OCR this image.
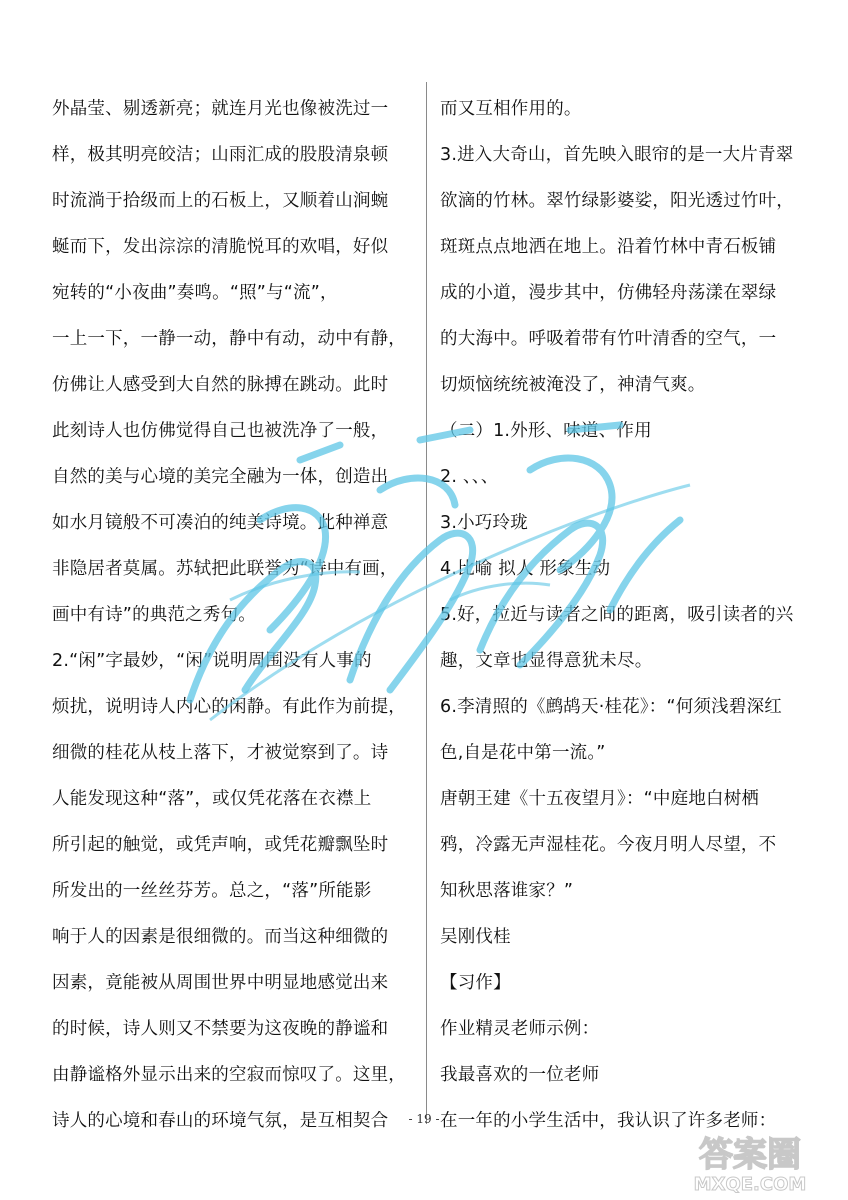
外晶莹、剔透新亮；就连月光也像被洗过一
样，极其明亮皎洁；山雨汇成的股股清泉顿
时流淌于拾级而上的石板上，又顺着山涧蜿
蜒而下，发出淙淙的清脆悦耳的欢唱，好似
宛转的“小夜曲”奏鸣。“照”与“流”，
一上一下，一静一动，静中有动，动中有静，
仿佛让人感受到大自然的脉搏在跳动。此时
此刻诗人也仿佛觉得自己也被洗净了一般，
自然的美与心境的美完全融为一体，创造出
如水月镜般不可凑泊的纯美诗境。此种禅意
非隐居者莫属。苏轼把此联誉为“诗中有画，
画中有诗”的典范之秀句。
2.“闲”字最妙，“闲”说明周围没有人事的
烦扰，说明诗人内心的闲静。有此作为前提，
细微的桂花从枝上落下，才被觉察到了。诗
人能发现这种“落”，或仅凭花落在衣襟上
所引起的触觉，或凭声响，或凭花瓣飘坠时
所发出的一丝丝芬芳。总之，“落”所能影
响于人的因素是很细微的。而当这种细微的
因素，竟能被从周围世界中明显地感觉出来
的时候，诗人则又不禁要为这夜晚的静谧和
由静谧格外显示出来的空寂而惊叹了。这里，
诗人的心境和春山的环境气氛，是互相契合
而又互相作用的。
3.进入大奇山，首先映入眼帘的是一大片青翠
欲滴的竹林。翠竹绿影婆娑，阳光透过竹叶，
斑斑点点地洒在地上。沿着竹林中青石板铺
成的小道，漫步其中，仿佛轻舟荡漾在翠绿
的大海中。呼吸着带有竹叶清香的空气，一
切烦恼统统被淹没了，神清气爽。
（二）1.外形、味道、作用
2. 、、、
3.小巧玲珑
4.比喻 拟人 形象生动
5.好，拉近与读者之间的距离，吸引读者的兴
趣，文章也显得意犹未尽。
6.李清照的《鹧鸪天·桂花》：“何须浅碧深红
色,自是花中第一流。”
唐朝王建《十五夜望月》：“中庭地白树栖
鸦，冷露无声湿桂花。今夜月明人尽望，不
知秋思落谁家？”
吴刚伐桂
【习作】
作业精灵老师示例：
我最喜欢的一位老师
在一年的小学生活中，我认识了许多老师：
答案圈
MXQE.COM
- 19 -
